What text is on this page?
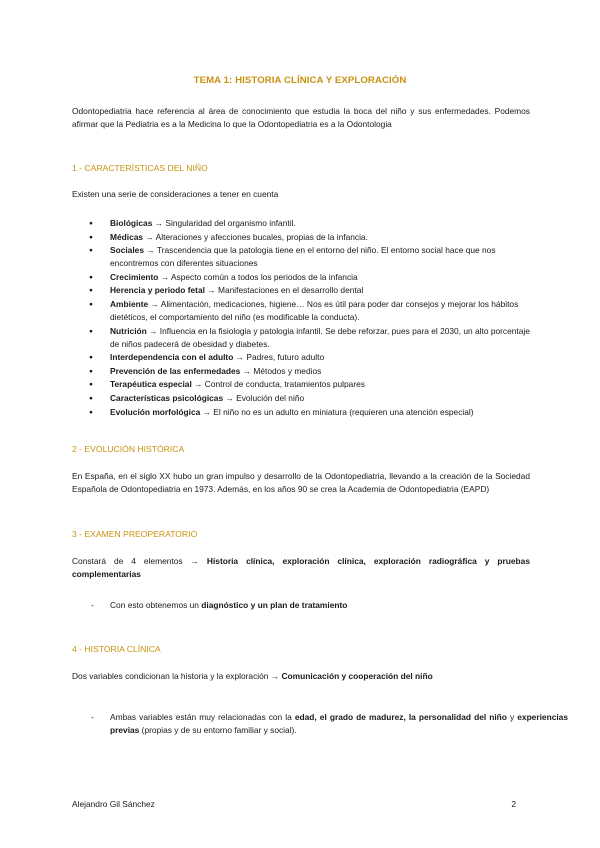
TEMA 1: HISTORIA CLÍNICA Y EXPLORACIÓN
Odontopediatria hace referencia al área de conocimiento que estudia la boca del niño y sus enfermedades. Podemos afirmar que la Pediatria es a la Medicina lo que la Odontopediatria es a la Odontologia
1 - CARACTERÍSTICAS DEL NIÑO
Existen una serie de consideraciones a tener en cuenta
● Biológicas → Singularidad del organismo infantil.
● Médicas → Alteraciones y afecciones bucales, propias de la infancia.
● Sociales → Trascendencia que la patologia tiene en el entorno del niño. El entorno social hace que nos encontremos con diferentes situaciones
● Crecimiento → Aspecto común a todos los periodos de la infancia
● Herencia y periodo fetal → Manifestaciones en el desarrollo dental
● Ambiente → Alimentación, medicaciones, higiene… Nos es útil para poder dar consejos y mejorar los hábitos dietéticos, el comportamiento del niño (es modificable la conducta).
● Nutrición → Influencia en la fisiologia y patologia infantil. Se debe reforzar, pues para el 2030, un alto porcentaje de niños padecerá de obesidad y diabetes.
● Interdependencia con el adulto → Padres, futuro adulto
● Prevención de las enfermedades → Métodos y medios
● Terapéutica especial → Control de conducta, tratamientos pulpares
● Características psicológicas → Evolución del niño
● Evolución morfológica → El niño no es un adulto en miniatura (requieren una atención especial)
2 - EVOLUCIÓN HISTÓRICA
En España, en el siglo XX hubo un gran impulso y desarrollo de la Odontopediatria, llevando a la creación de la Sociedad Española de Odontopediatria en 1973. Además, en los años 90 se crea la Academia de Odontopediatria (EAPD)
3 - EXAMEN PREOPERATORIO
Constará de 4 elementos → Historia clínica, exploración clínica, exploración radiográfica y pruebas complementarias
- Con esto obtenemos un diagnóstico y un plan de tratamiento
4 - HISTORIA CLÍNICA
Dos variables condicionan la historia y la exploración → Comunicación y cooperación del niño
- Ambas variables están muy relacionadas con la edad, el grado de madurez, la personalidad del niño y experiencias previas (propias y de su entorno familiar y social).
Alejandro Gil Sánchez	2
